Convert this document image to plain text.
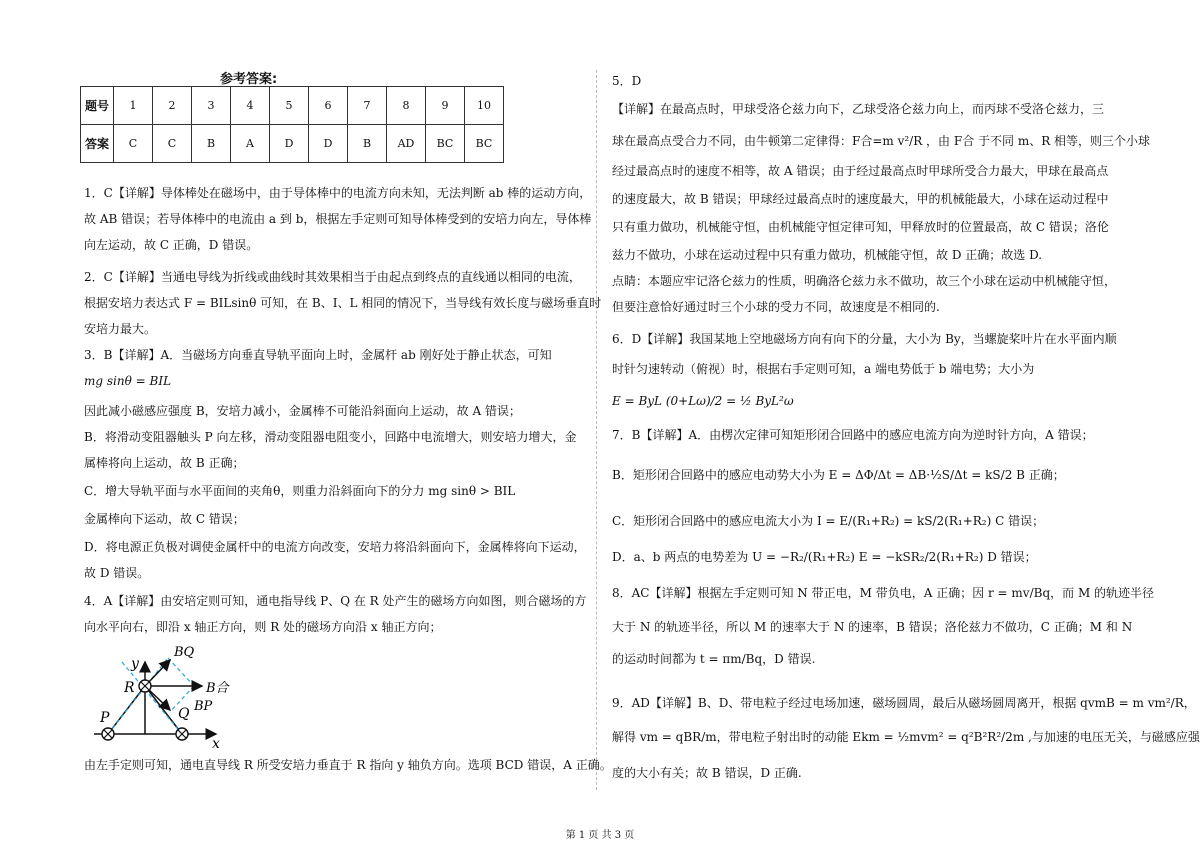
参考答案:
题号	1	2	3	4	5	6	7	8	9	10
答案	C	C	B	A	D	D	B	AD	BC	BC
1．C【详解】导体棒处在磁场中，由于导体棒中的电流方向未知，无法判断 ab 棒的运动方向，
故 AB 错误；若导体棒中的电流由 a 到 b，根据左手定则可知导体棒受到的安培力向左，导体棒
向左运动，故 C 正确，D 错误。
2．C【详解】当通电导线为折线或曲线时其效果相当于由起点到终点的直线通以相同的电流，
根据安培力表达式 F = BILsinθ 可知，在 B、I、L 相同的情况下，当导线有效长度与磁场垂直时
安培力最大。
3．B【详解】A．当磁场方向垂直导轨平面向上时，金属杆 ab 刚好处于静止状态，可知
mg sinθ = BIL
因此减小磁感应强度 B，安培力减小，金属棒不可能沿斜面向上运动，故 A 错误；
B．将滑动变阻器触头 P 向左移，滑动变阻器电阻变小，回路中电流增大，则安培力增大，金
属棒将向上运动，故 B 正确；
C．增大导轨平面与水平面间的夹角θ，则重力沿斜面向下的分力 mg sinθ > BIL
金属棒向下运动，故 C 错误；
D．将电源正负极对调使金属杆中的电流方向改变，安培力将沿斜面向下，金属棒将向下运动，
故 D 错误。
4．A【详解】由安培定则可知，通电指导线 P、Q 在 R 处产生的磁场方向如图，则合磁场的方
向水平向右，即沿 x 轴正方向，则 R 处的磁场方向沿 x 轴正方向；
y
x
R
P	Q
BQ
B合
BP
由左手定则可知，通电直导线 R 所受安培力垂直于 R 指向 y 轴负方向。选项 BCD 错误，A 正确。
5．D
【详解】在最高点时，甲球受洛仑兹力向下，乙球受洛仑兹力向上，而丙球不受洛仑兹力，三
球在最高点受合力不同，由牛顿第二定律得：F合=m v²/R ，由 F合 于不同 m、R 相等，则三个小球
经过最高点时的速度不相等，故 A 错误；由于经过最高点时甲球所受合力最大，甲球在最高点
的速度最大，故 B 错误；甲球经过最高点时的速度最大，甲的机械能最大，小球在运动过程中
只有重力做功，机械能守恒，由机械能守恒定律可知，甲释放时的位置最高，故 C 错误；洛伦
兹力不做功，小球在运动过程中只有重力做功，机械能守恒，故 D 正确；故选 D.
点睛：本题应牢记洛仑兹力的性质，明确洛仑兹力永不做功，故三个小球在运动中机械能守恒，
但要注意恰好通过时三个小球的受力不同，故速度是不相同的.
6．D【详解】我国某地上空地磁场方向有向下的分量，大小为 By，当螺旋桨叶片在水平面内顺
时针匀速转动（俯视）时，根据右手定则可知，a 端电势低于 b 端电势；大小为
E = ByL (0+Lω)/2 = ½ ByL²ω
7．B【详解】A．由楞次定律可知矩形闭合回路中的感应电流方向为逆时针方向，A 错误；
B．矩形闭合回路中的感应电动势大小为 E = ΔΦ/Δt = ΔB·½S/Δt = kS/2 B 正确；
C．矩形闭合回路中的感应电流大小为 I = E/(R₁+R₂) = kS/2(R₁+R₂) C 错误；
D．a、b 两点的电势差为 U = −R₂/(R₁+R₂) E = −kSR₂/2(R₁+R₂) D 错误；
8．AC【详解】根据左手定则可知 N 带正电，M 带负电，A 正确；因 r = mv/Bq，而 M 的轨迹半径
大于 N 的轨迹半径，所以 M 的速率大于 N 的速率，B 错误；洛伦兹力不做功，C 正确；M 和 N
的运动时间都为 t = πm/Bq，D 错误.
9．AD【详解】B、D、带电粒子经过电场加速，磁场圆周，最后从磁场圆周离开，根据 qvmB = m vm²/R，
解得 vm = qBR/m，带电粒子射出时的动能 Ekm = ½mvm² = q²B²R²/2m ,与加速的电压无关，与磁感应强
度的大小有关；故 B 错误，D 正确.
第 1 页 共 3 页
